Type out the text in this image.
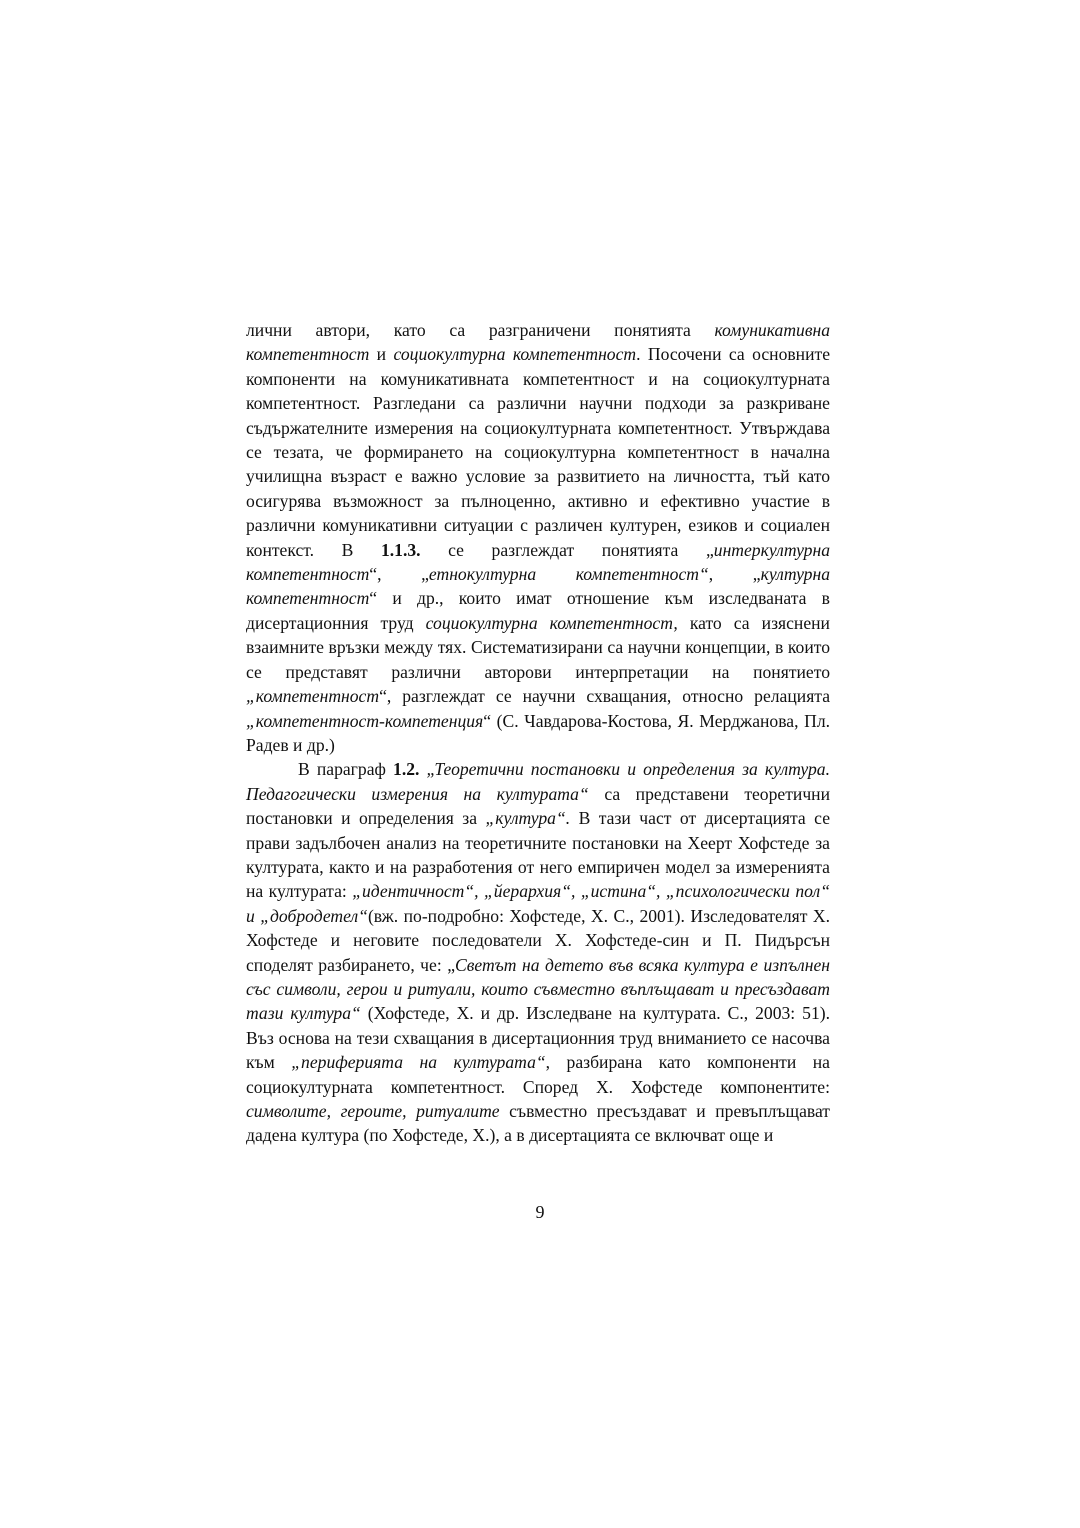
лични автори, като са разграничени понятията комуникативна компетентност и социокултурна компетентност. Посочени са основните компоненти на комуникативната компетентност и на социокултурната компетентност. Разгледани са различни научни подходи за разкриване съдържателните измерения на социокултурната компетентност. Утвърждава се тезата, че формирането на социокултурна компетентност в начална училищна възраст е важно условие за развитието на личността, тъй като осигурява възможност за пълноценно, активно и ефективно участие в различни комуникативни ситуации с различен културен, езиков и социален контекст. В 1.1.3. се разглеждат понятията „интеркултурна компетентност“, „етнокултурна компетентност“, „културна компетентност“ и др., които имат отношение към изследваната в дисертационния труд социокултурна компетентност, като са изяснени взаимните връзки между тях. Систематизирани са научни концепции, в които се представят различни авторови интерпретации на понятието „компетентност“, разглеждат се научни схващания, относно релацията „компетентност-компетенция“ (С. Чавдарова-Костова, Я. Мерджанова, Пл. Радев и др.)

В параграф 1.2. „Теоретични постановки и определения за култура. Педагогически измерения на културата“ са представени теоретични постановки и определения за „култура“. В тази част от дисертацията се прави задълбочен анализ на теоретичните постановки на Хеерт Хофстеде за културата, както и на разработения от него емпиричен модел за измеренията на културата: „идентичност“, „йерархия“, „истина“, „психологически пол“ и „добродетел“(вж. по-подробно: Хофстеде, Х. С., 2001). Изследователят Х. Хофстеде и неговите последователи Х. Хофстеде-син и П. Пидърсън споделят разбирането, че: „Светът на детето във всяка култура е изпълнен със символи, герои и ритуали, които съвместно въплъщават и пресъздават тази култура“ (Хофстеде, Х. и др. Изследване на културата. С., 2003: 51). Въз основа на тези схващания в дисертационния труд вниманието се насочва към „периферията на културата“, разбирана като компоненти на социокултурната компетентност. Според Х. Хофстеде компонентите: символите, героите, ритуалите съвместно пресъздават и превъплъщават дадена култура (по Хофстеде, Х.), а в дисертацията се включват още и

9
